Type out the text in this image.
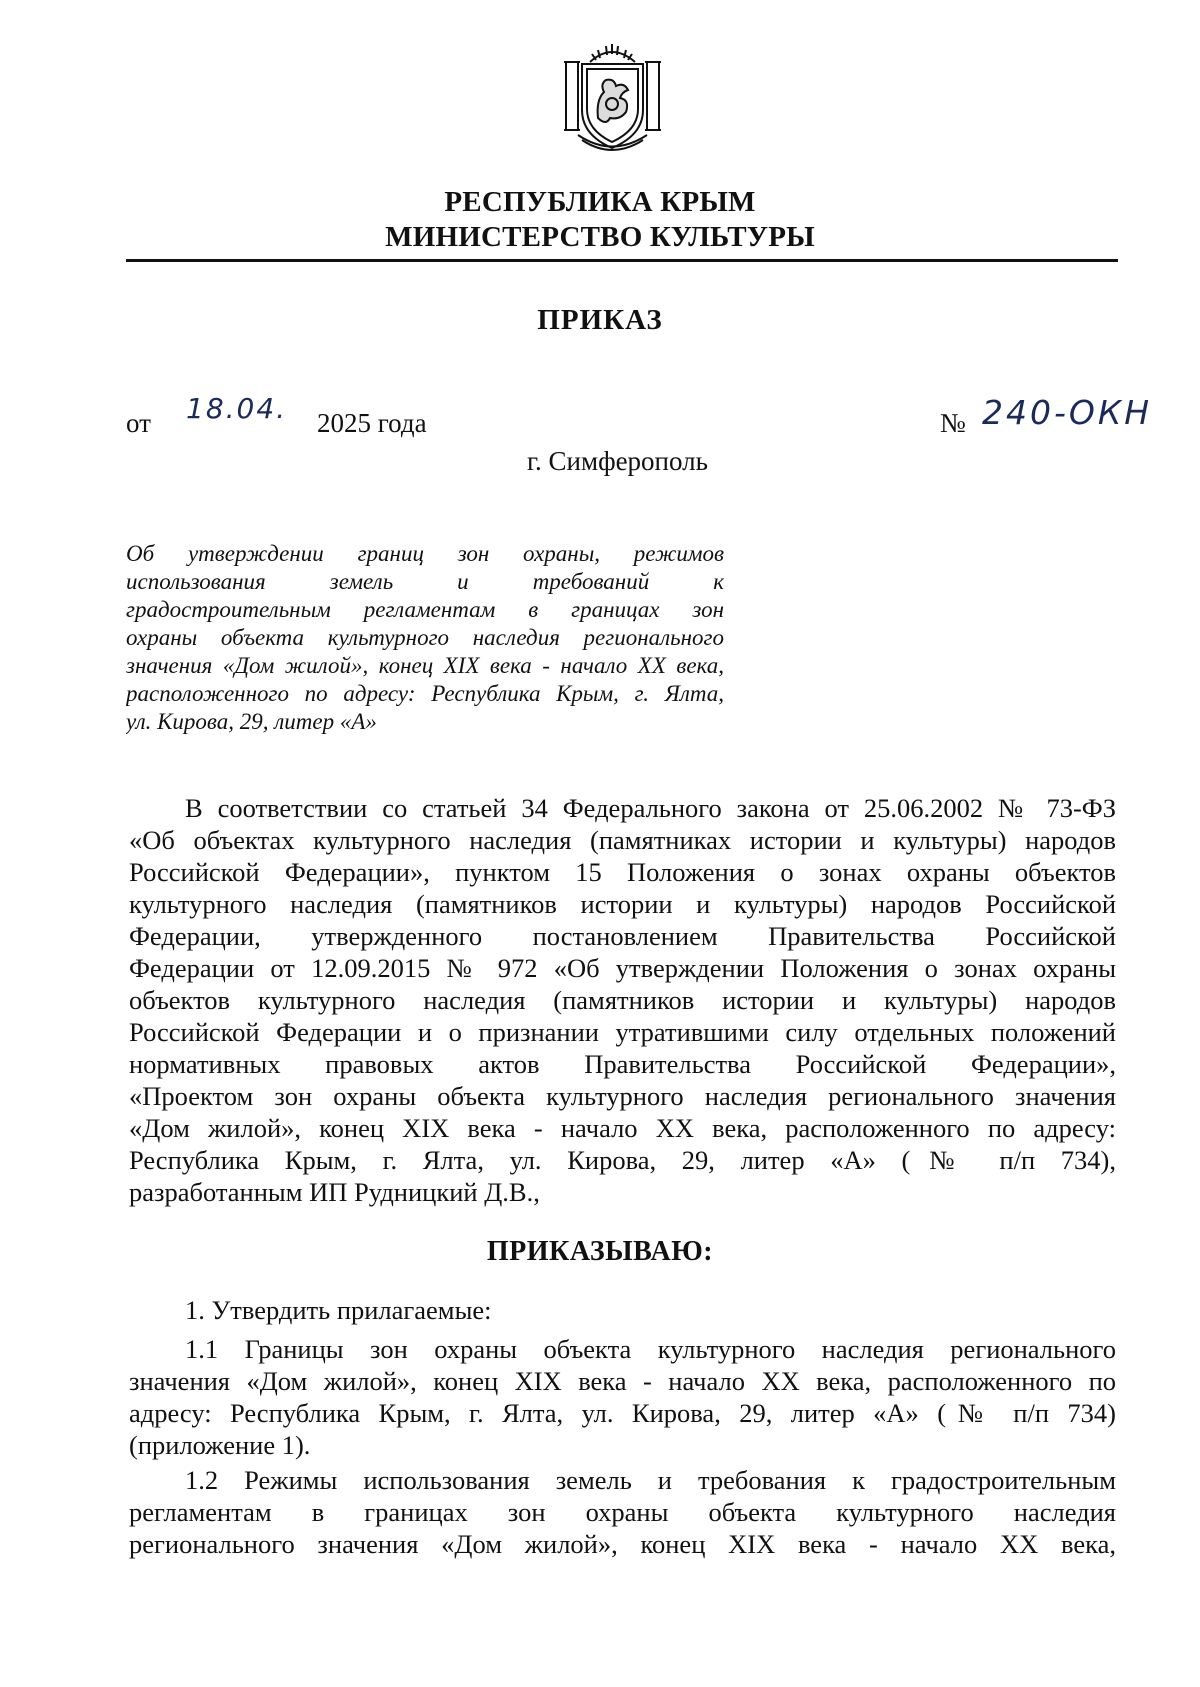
РЕСПУБЛИКА КРЫМ
МИНИСТЕРСТВО КУЛЬТУРЫ
ПРИКАЗ
от 18.04. 2025 года	№ 240-ОКН
г. Симферополь
Об утверждении границ зон охраны, режимов
использования земель и требований к
градостроительным регламентам в границах зон
охраны объекта культурного наследия регионального
значения «Дом жилой», конец XIX века - начало XX века,
расположенного по адресу: Республика Крым, г. Ялта,
ул. Кирова, 29, литер «А»
В соответствии со статьей 34 Федерального закона от 25.06.2002 № 73-ФЗ
«Об объектах культурного наследия (памятниках истории и культуры) народов
Российской Федерации», пунктом 15 Положения о зонах охраны объектов
культурного наследия (памятников истории и культуры) народов Российской
Федерации, утвержденного постановлением Правительства Российской
Федерации от 12.09.2015 № 972 «Об утверждении Положения о зонах охраны
объектов культурного наследия (памятников истории и культуры) народов
Российской Федерации и о признании утратившими силу отдельных положений
нормативных правовых актов Правительства Российской Федерации»,
«Проектом зон охраны объекта культурного наследия регионального значения
«Дом жилой», конец XIX века - начало XX века, расположенного по адресу:
Республика Крым, г. Ялта, ул. Кирова, 29, литер «А» (№ п/п 734),
разработанным ИП Рудницкий Д.В.,
ПРИКАЗЫВАЮ:
1. Утвердить прилагаемые:
1.1 Границы зон охраны объекта культурного наследия регионального
значения «Дом жилой», конец XIX века - начало XX века, расположенного по
адресу: Республика Крым, г. Ялта, ул. Кирова, 29, литер «А» (№ п/п 734)
(приложение 1).
1.2 Режимы использования земель и требования к градостроительным
регламентам в границах зон охраны объекта культурного наследия
регионального значения «Дом жилой», конец XIX века - начало XX века,
